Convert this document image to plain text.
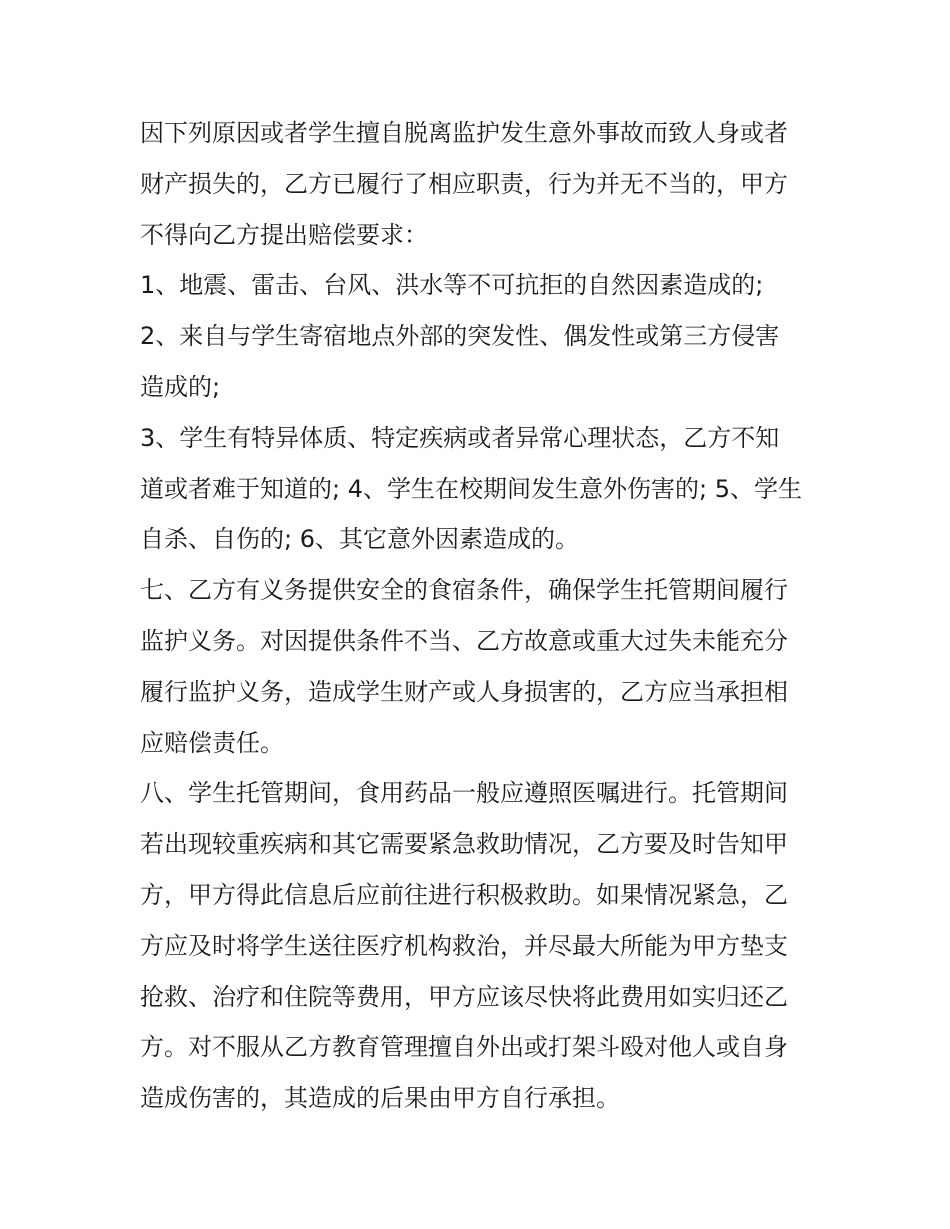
因下列原因或者学生擅自脱离监护发生意外事故而致人身或者
财产损失的，乙方已履行了相应职责，行为并无不当的，甲方
不得向乙方提出赔偿要求：
1、地震、雷击、台风、洪水等不可抗拒的自然因素造成的;
2、来自与学生寄宿地点外部的突发性、偶发性或第三方侵害
造成的;
3、学生有特异体质、特定疾病或者异常心理状态，乙方不知
道或者难于知道的; 4、学生在校期间发生意外伤害的; 5、学生
自杀、自伤的; 6、其它意外因素造成的。
七、乙方有义务提供安全的食宿条件，确保学生托管期间履行
监护义务。对因提供条件不当、乙方故意或重大过失未能充分
履行监护义务，造成学生财产或人身损害的，乙方应当承担相
应赔偿责任。
八、学生托管期间，食用药品一般应遵照医嘱进行。托管期间
若出现较重疾病和其它需要紧急救助情况，乙方要及时告知甲
方，甲方得此信息后应前往进行积极救助。如果情况紧急，乙
方应及时将学生送往医疗机构救治，并尽最大所能为甲方垫支
抢救、治疗和住院等费用，甲方应该尽快将此费用如实归还乙
方。对不服从乙方教育管理擅自外出或打架斗殴对他人或自身
造成伤害的，其造成的后果由甲方自行承担。
